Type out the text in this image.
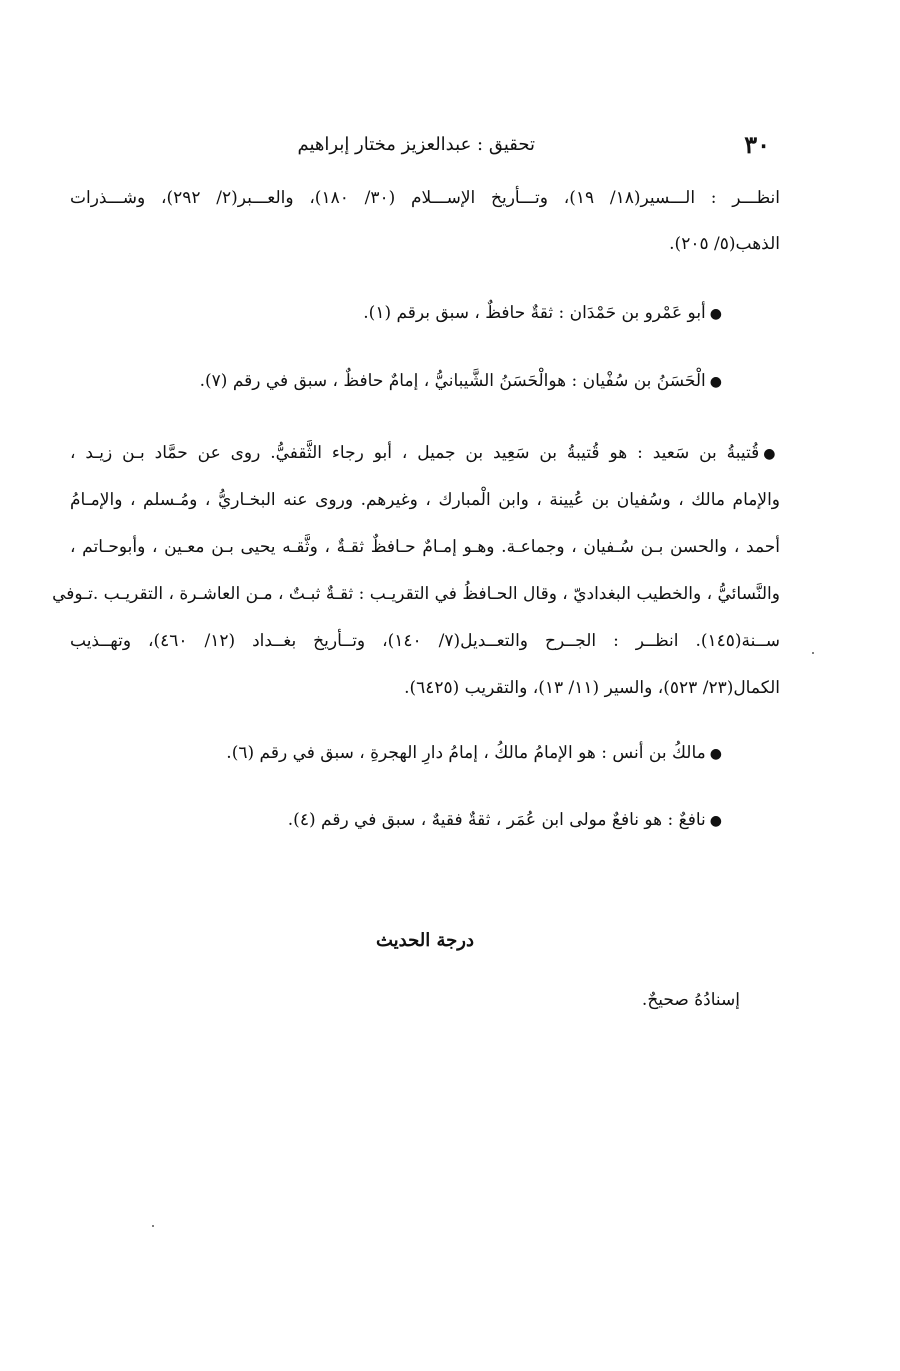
٣٠
تحقيق : عبدالعزيز مختار إبراهيم
انظـــر : الـــسير(١٨/ ١٩)، وتـــأريخ الإســـلام (٣٠/ ١٨٠)، والعـــبر(٢/ ٢٩٢)، وشـــذرات
الذهب(٥/ ٢٠٥).
●أبو عَمْرو بن حَمْدَان : ثقةٌ حافظٌ ، سبق برقم (١).
●الْحَسَنُ بن سُفْيان : هوالْحَسَنُ الشَّيبانيُّ ، إمامٌ حافظٌ ، سبق في رقم (٧).
●قُتيبةُ بن سَعيد : هو قُتيبةُ بن سَعِيد بن جميل ، أبو رجاء الثَّقفيُّ. روى عن حمَّاد بـن زيـد ،
والإمام مالك ، وسُفيان بن عُيينة ، وابن الْمبارك ، وغيرهم. وروى عنه البخـاريُّ ، ومُـسلم ، والإمـامُ
أحمد ، والحسن بـن سُـفيان ، وجماعـة. وهـو إمـامٌ حـافظٌ ثقـةٌ ، وثَّقـه يحيى بـن معـين ، وأبوحـاتم ،
والنَّسائيُّ ، والخطيب البغداديّ ، وقال الحـافظُ في التقريـب : ثقـةٌ ثبـتٌ ، مـن العاشـرة ، التقريـب .تـوفي
ســنة(١٤٥). انظــر : الجــرح والتعــديل(٧/ ١٤٠)، وتــأريخ بغــداد (١٢/ ٤٦٠)، وتهــذيب
الكمال(٢٣/ ٥٢٣)، والسير (١١/ ١٣)، والتقريب (٦٤٢٥).
●مالكُ بن أنس : هو الإمامُ مالكُ ، إمامُ دارِ الهجرةِ ، سبق في رقم (٦).
●نافعٌ : هو نافعٌ مولى ابن عُمَر ، ثقةٌ فقيهٌ ، سبق في رقم (٤).
درجة الحديث
إسنادُهُ صحيحٌ.
